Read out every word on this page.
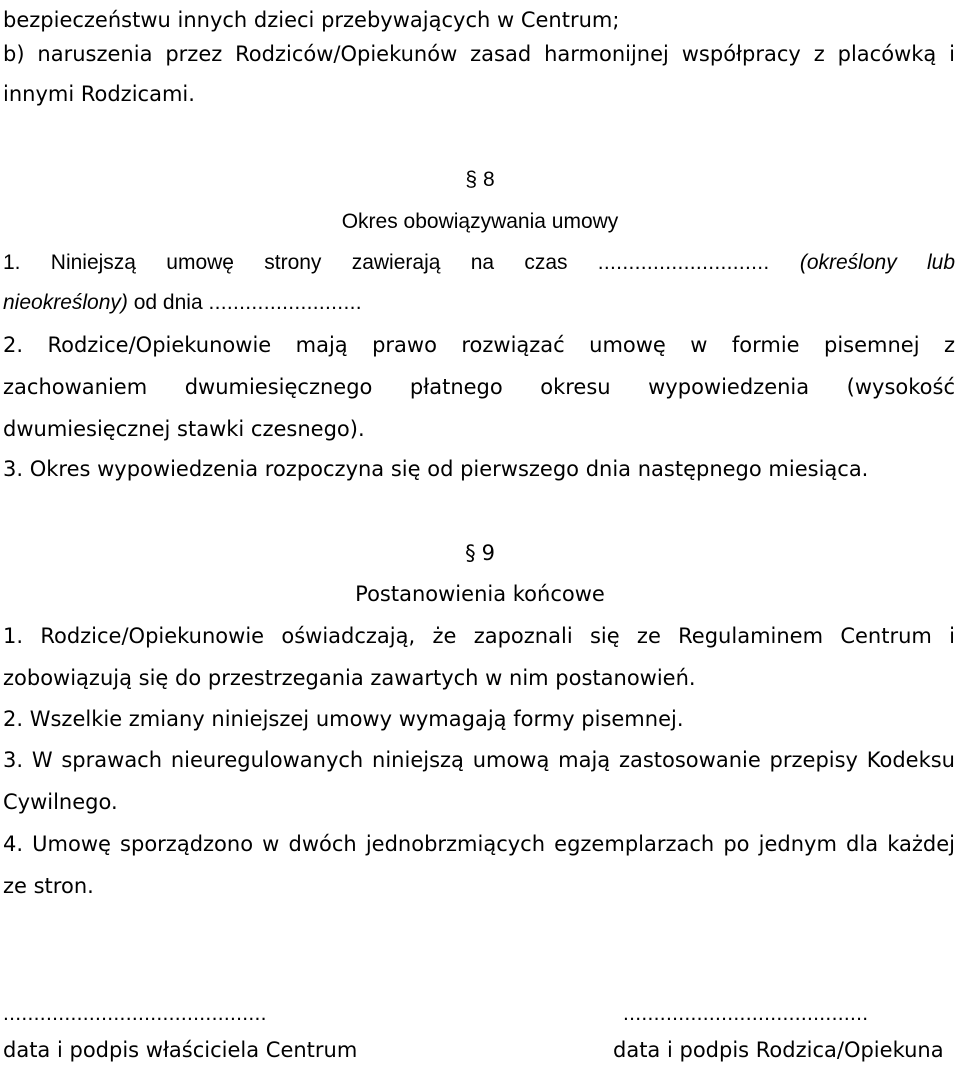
bezpieczeństwu innych dzieci przebywających w Centrum;
b) naruszenia przez Rodziców/Opiekunów zasad harmonijnej współpracy z placówką i
innymi Rodzicami.
§ 8
Okres obowiązywania umowy
1. Niniejszą umowę strony zawierają na czas ............................ (określony lub
nieokreślony) od dnia .........................
2. Rodzice/Opiekunowie mają prawo rozwiązać umowę w formie pisemnej z
zachowaniem dwumiesięcznego płatnego okresu wypowiedzenia (wysokość
dwumiesięcznej stawki czesnego).
3. Okres wypowiedzenia rozpoczyna się od pierwszego dnia następnego miesiąca.
§ 9
Postanowienia końcowe
1. Rodzice/Opiekunowie oświadczają, że zapoznali się ze Regulaminem Centrum i
zobowiązują się do przestrzegania zawartych w nim postanowień.
2. Wszelkie zmiany niniejszej umowy wymagają formy pisemnej.
3. W sprawach nieuregulowanych niniejszą umową mają zastosowanie przepisy Kodeksu
Cywilnego.
4. Umowę sporządzono w dwóch jednobrzmiących egzemplarzach po jednym dla każdej
ze stron.
...........................................
data i podpis właściciela Centrum
........................................
data i podpis Rodzica/Opiekuna
